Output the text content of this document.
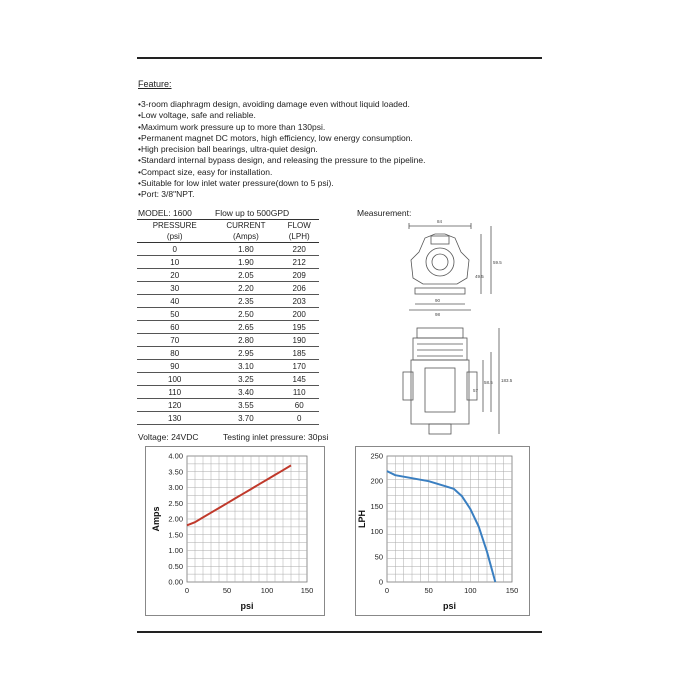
Feature:
•3-room diaphragm design, avoiding damage even without liquid loaded.
•Low voltage, safe and reliable.
•Maximum work pressure up to more than 130psi.
•Permanent magnet DC motors, high efficiency, low energy consumption.
•High precision ball bearings, ultra-quiet design.
•Standard internal bypass design, and releasing the pressure to the pipeline.
•Compact size, easy for installation.
•Suitable for low inlet water pressure(down to 5 psi).
•Port: 3/8"NPT.
MODEL: 1600	Flow up to 500GPD	Measurement:
PRESSURE	CURRENT	FLOW
(psi)	(Amps)	(LPH)
0	1.80	220
10	1.90	212
20	2.05	209
30	2.20	206
40	2.35	203
50	2.50	200
60	2.65	195
70	2.80	190
80	2.95	185
90	3.10	170
100	3.25	145
110	3.40	110
120	3.55	60
130	3.70	0
Voltage: 24VDC	Testing inlet pressure: 30psi
84
59.5
49.5
90
98
57
58.5 183.5
0	50	100	150
0.00
0.50
1.00
1.50
2.00
2.50
3.00
3.50
4.00
psi
Amps
0	50	100	150
0
50
100
150
200
250
psi
LPH
